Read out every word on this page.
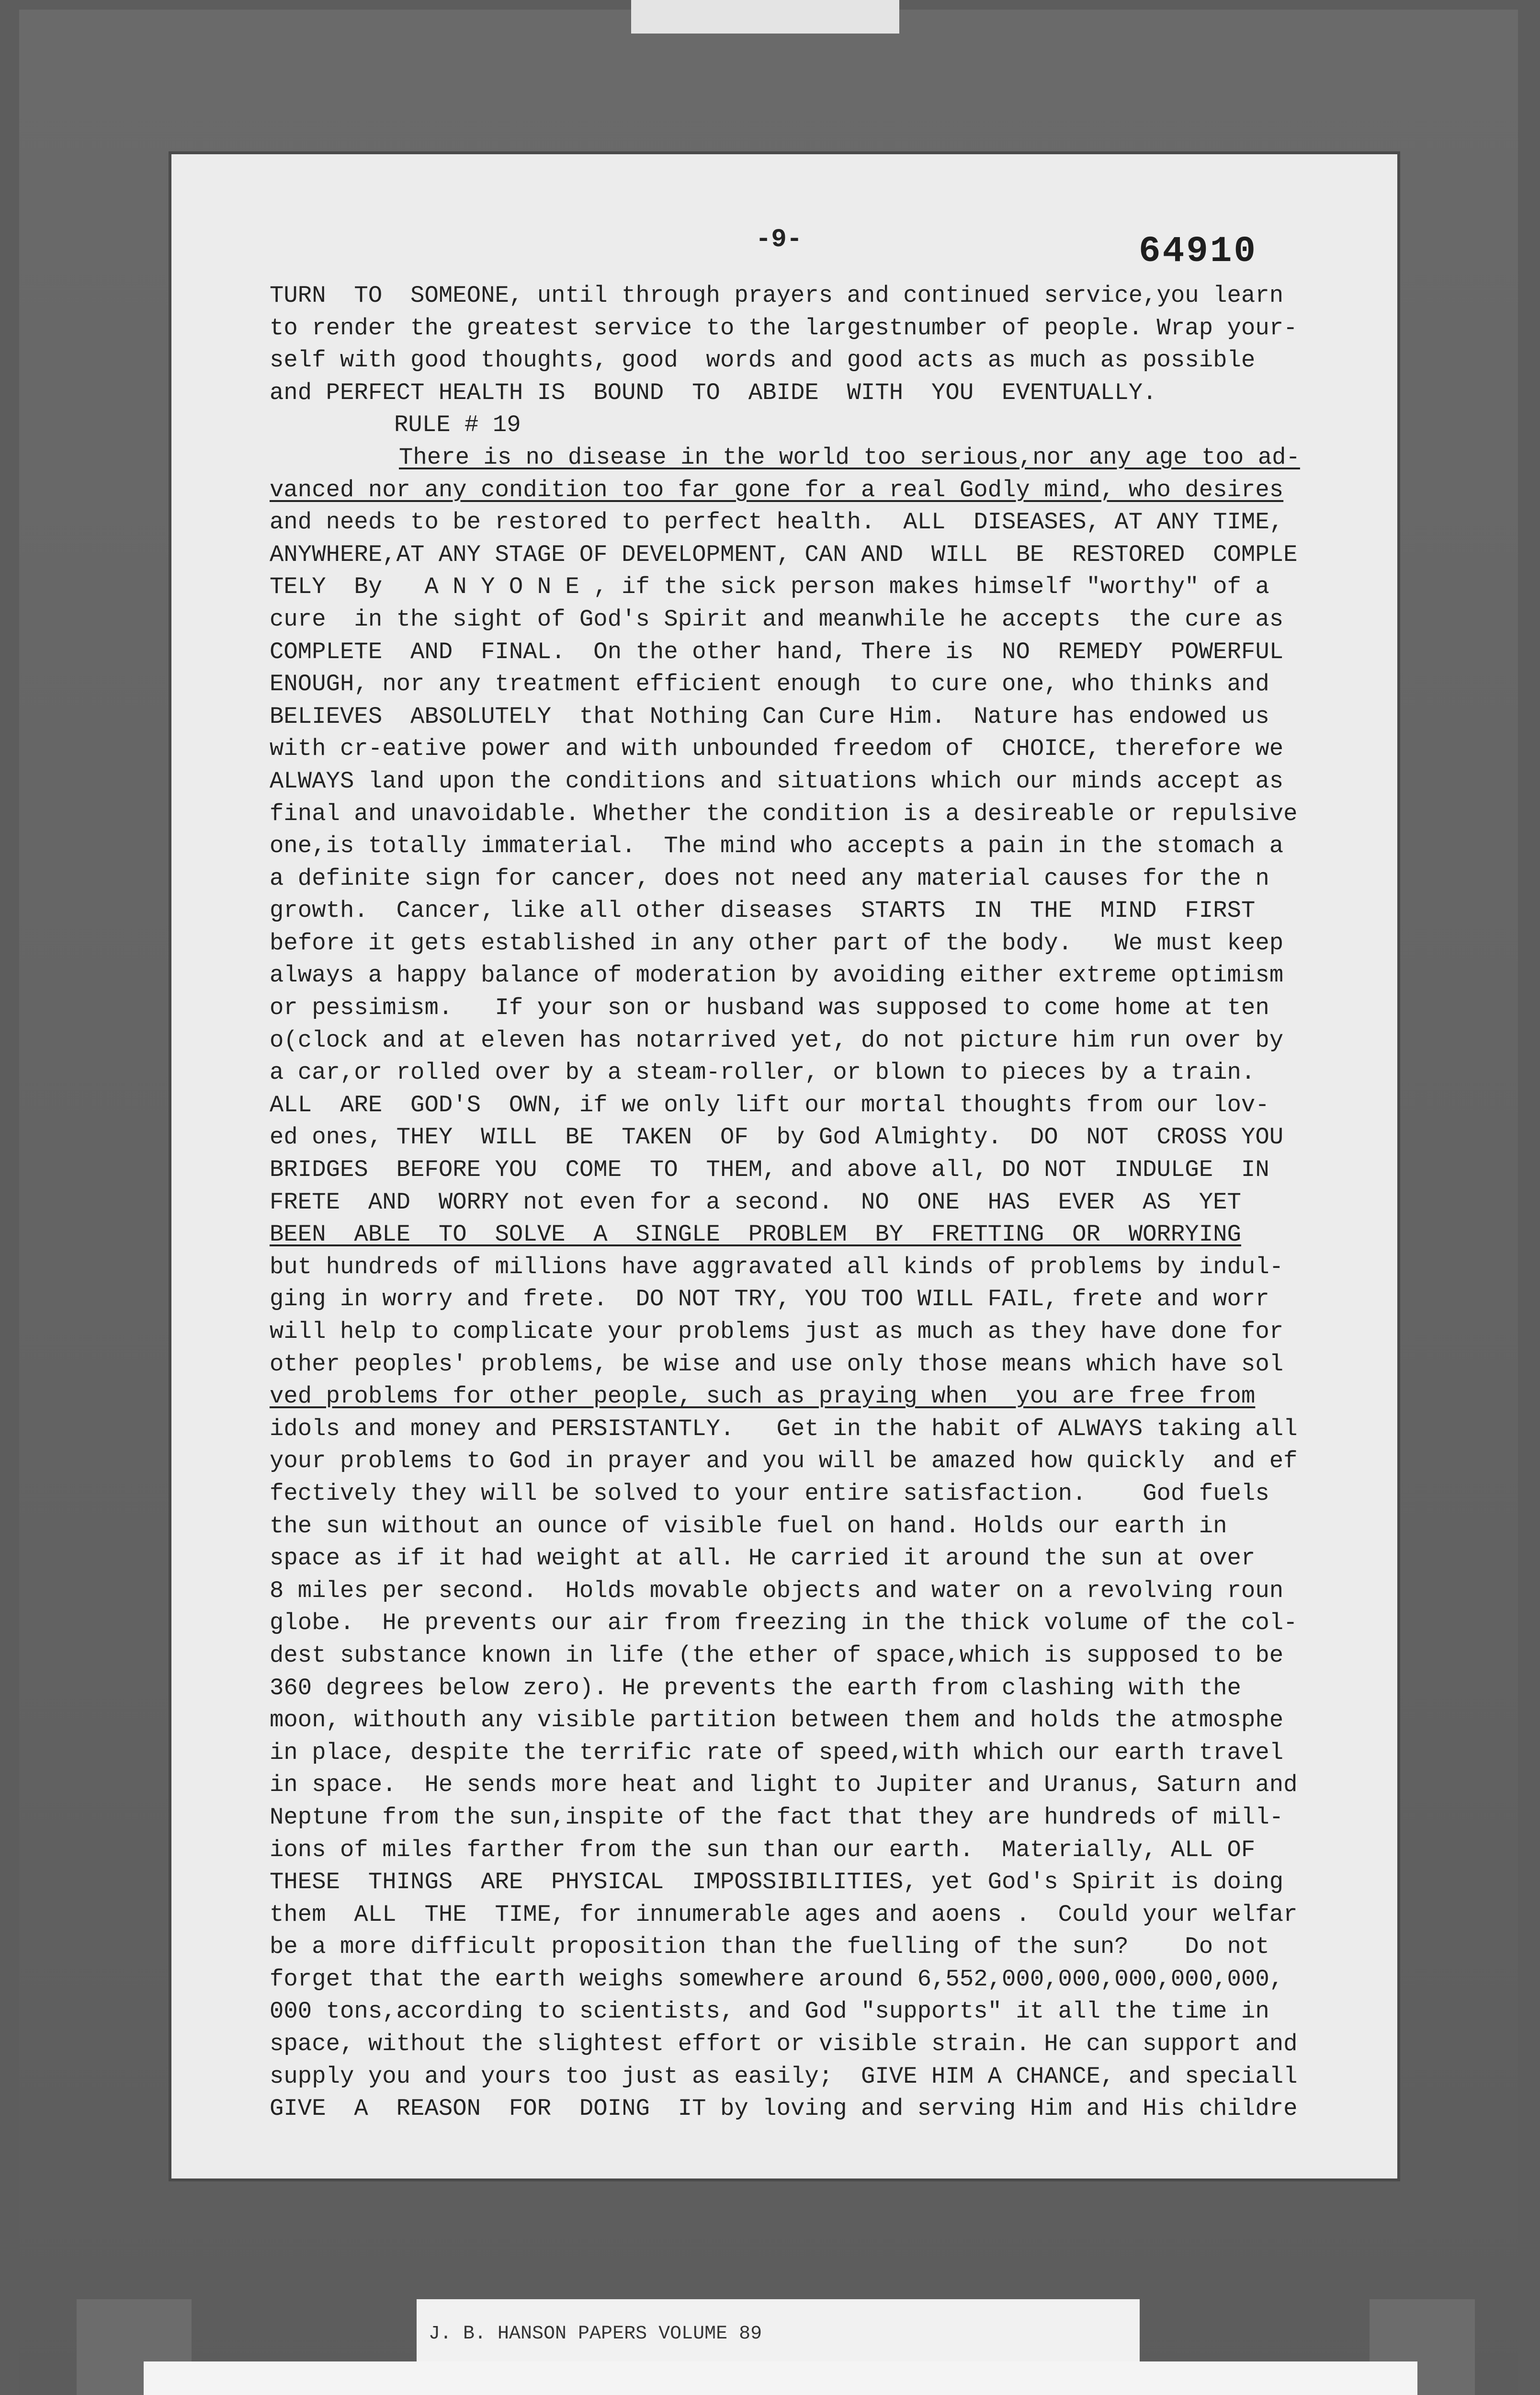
-9-	64910
TURN  TO  SOMEONE, until through prayers and continued service,you learn
to render the greatest service to the largestnumber of people. Wrap your-
self with good thoughts, good  words and good acts as much as possible
and PERFECT HEALTH IS  BOUND  TO  ABIDE  WITH  YOU  EVENTUALLY.
RULE # 19
There is no disease in the world too serious,nor any age too ad-
vanced nor any condition too far gone for a real Godly mind, who desires
and needs to be restored to perfect health.  ALL  DISEASES, AT ANY TIME,
ANYWHERE,AT ANY STAGE OF DEVELOPMENT, CAN AND  WILL  BE  RESTORED  COMPLE
TELY  By   A N Y O N E , if the sick person makes himself "worthy" of a
cure  in the sight of God's Spirit and meanwhile he accepts  the cure as
COMPLETE  AND  FINAL.  On the other hand, There is  NO  REMEDY  POWERFUL
ENOUGH, nor any treatment efficient enough  to cure one, who thinks and
BELIEVES  ABSOLUTELY  that Nothing Can Cure Him.  Nature has endowed us
with cr-eative power and with unbounded freedom of  CHOICE, therefore we
ALWAYS land upon the conditions and situations which our minds accept as
final and unavoidable. Whether the condition is a desireable or repulsive
one,is totally immaterial.  The mind who accepts a pain in the stomach a
a definite sign for cancer, does not need any material causes for the n
growth.  Cancer, like all other diseases  STARTS  IN  THE  MIND  FIRST
before it gets established in any other part of the body.   We must keep
always a happy balance of moderation by avoiding either extreme optimism
or pessimism.   If your son or husband was supposed to come home at ten
o(clock and at eleven has notarrived yet, do not picture him run over by
a car,or rolled over by a steam-roller, or blown to pieces by a train.
ALL  ARE  GOD'S  OWN, if we only lift our mortal thoughts from our lov-
ed ones, THEY  WILL  BE  TAKEN  OF  by God Almighty.  DO  NOT  CROSS YOU
BRIDGES  BEFORE YOU  COME  TO  THEM, and above all, DO NOT  INDULGE  IN
FRETE  AND  WORRY not even for a second.  NO  ONE  HAS  EVER  AS  YET
BEEN  ABLE  TO  SOLVE  A  SINGLE  PROBLEM  BY  FRETTING  OR  WORRYING
but hundreds of millions have aggravated all kinds of problems by indul-
ging in worry and frete.  DO NOT TRY, YOU TOO WILL FAIL, frete and worr
will help to complicate your problems just as much as they have done for
other peoples' problems, be wise and use only those means which have sol
ved problems for other people, such as praying when  you are free from
idols and money and PERSISTANTLY.   Get in the habit of ALWAYS taking all
your problems to God in prayer and you will be amazed how quickly  and ef
fectively they will be solved to your entire satisfaction.    God fuels
the sun without an ounce of visible fuel on hand. Holds our earth in
space as if it had weight at all. He carried it around the sun at over
8 miles per second.  Holds movable objects and water on a revolving roun
globe.  He prevents our air from freezing in the thick volume of the col-
dest substance known in life (the ether of space,which is supposed to be
360 degrees below zero). He prevents the earth from clashing with the
moon, withouth any visible partition between them and holds the atmosphe
in place, despite the terrific rate of speed,with which our earth travel
in space.  He sends more heat and light to Jupiter and Uranus, Saturn and
Neptune from the sun,inspite of the fact that they are hundreds of mill-
ions of miles farther from the sun than our earth.  Materially, ALL OF
THESE  THINGS  ARE  PHYSICAL  IMPOSSIBILITIES, yet God's Spirit is doing
them  ALL  THE  TIME, for innumerable ages and aoens .  Could your welfar
be a more difficult proposition than the fuelling of the sun?    Do not
forget that the earth weighs somewhere around 6,552,000,000,000,000,000,
000 tons,according to scientists, and God "supports" it all the time in
space, without the slightest effort or visible strain. He can support and
supply you and yours too just as easily;  GIVE HIM A CHANCE, and speciall
GIVE  A  REASON  FOR  DOING  IT by loving and serving Him and His childre
J. B. HANSON PAPERS VOLUME 89
